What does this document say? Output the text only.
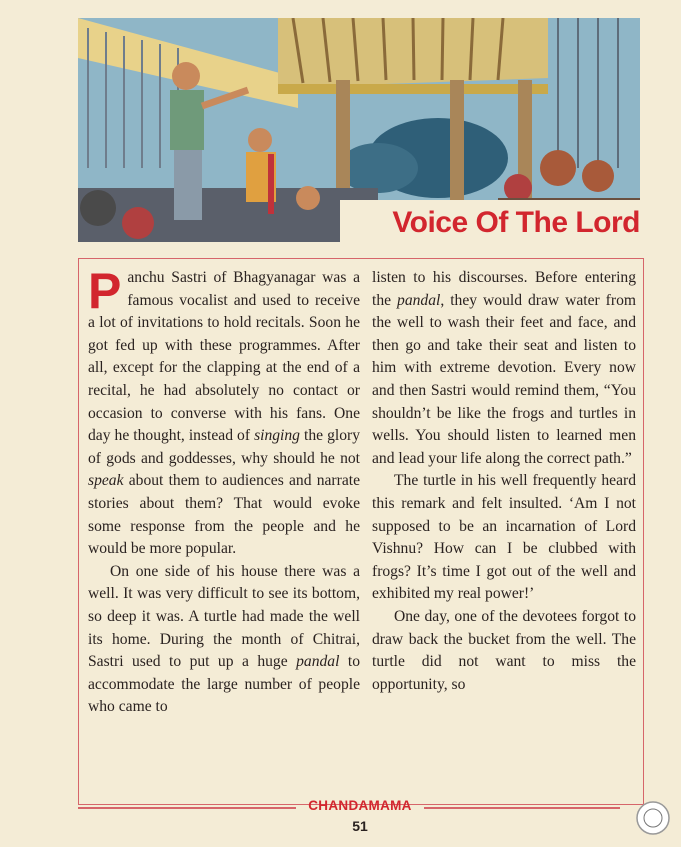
Voice Of The Lord

Panchu Sastri of Bhagyanagar was a famous vocalist and used to receive a lot of invitations to hold recitals. Soon he got fed up with these programmes. After all, except for the clapping at the end of a recital, he had absolutely no contact or occasion to converse with his fans. One day he thought, instead of singing the glory of gods and goddesses, why should he not speak about them to audiences and narrate stories about them? That would evoke some response from the people and he would be more popular.

On one side of his house there was a well. It was very difficult to see its bottom, so deep it was. A turtle had made the well its home. During the month of Chitrai, Sastri used to put up a huge pandal to accommodate the large number of people who came to

listen to his discourses. Before entering the pandal, they would draw water from the well to wash their feet and face, and then go and take their seat and listen to him with extreme devotion. Every now and then Sastri would remind them, “You shouldn’t be like the frogs and turtles in wells. You should listen to learned men and lead your life along the correct path.”

The turtle in his well frequently heard this remark and felt insulted. ‘Am I not supposed to be an incarnation of Lord Vishnu? How can I be clubbed with frogs? It’s time I got out of the well and exhibited my real power!’

One day, one of the devotees forgot to draw back the bucket from the well. The turtle did not want to miss the opportunity, so

CHANDAMAMA
51
